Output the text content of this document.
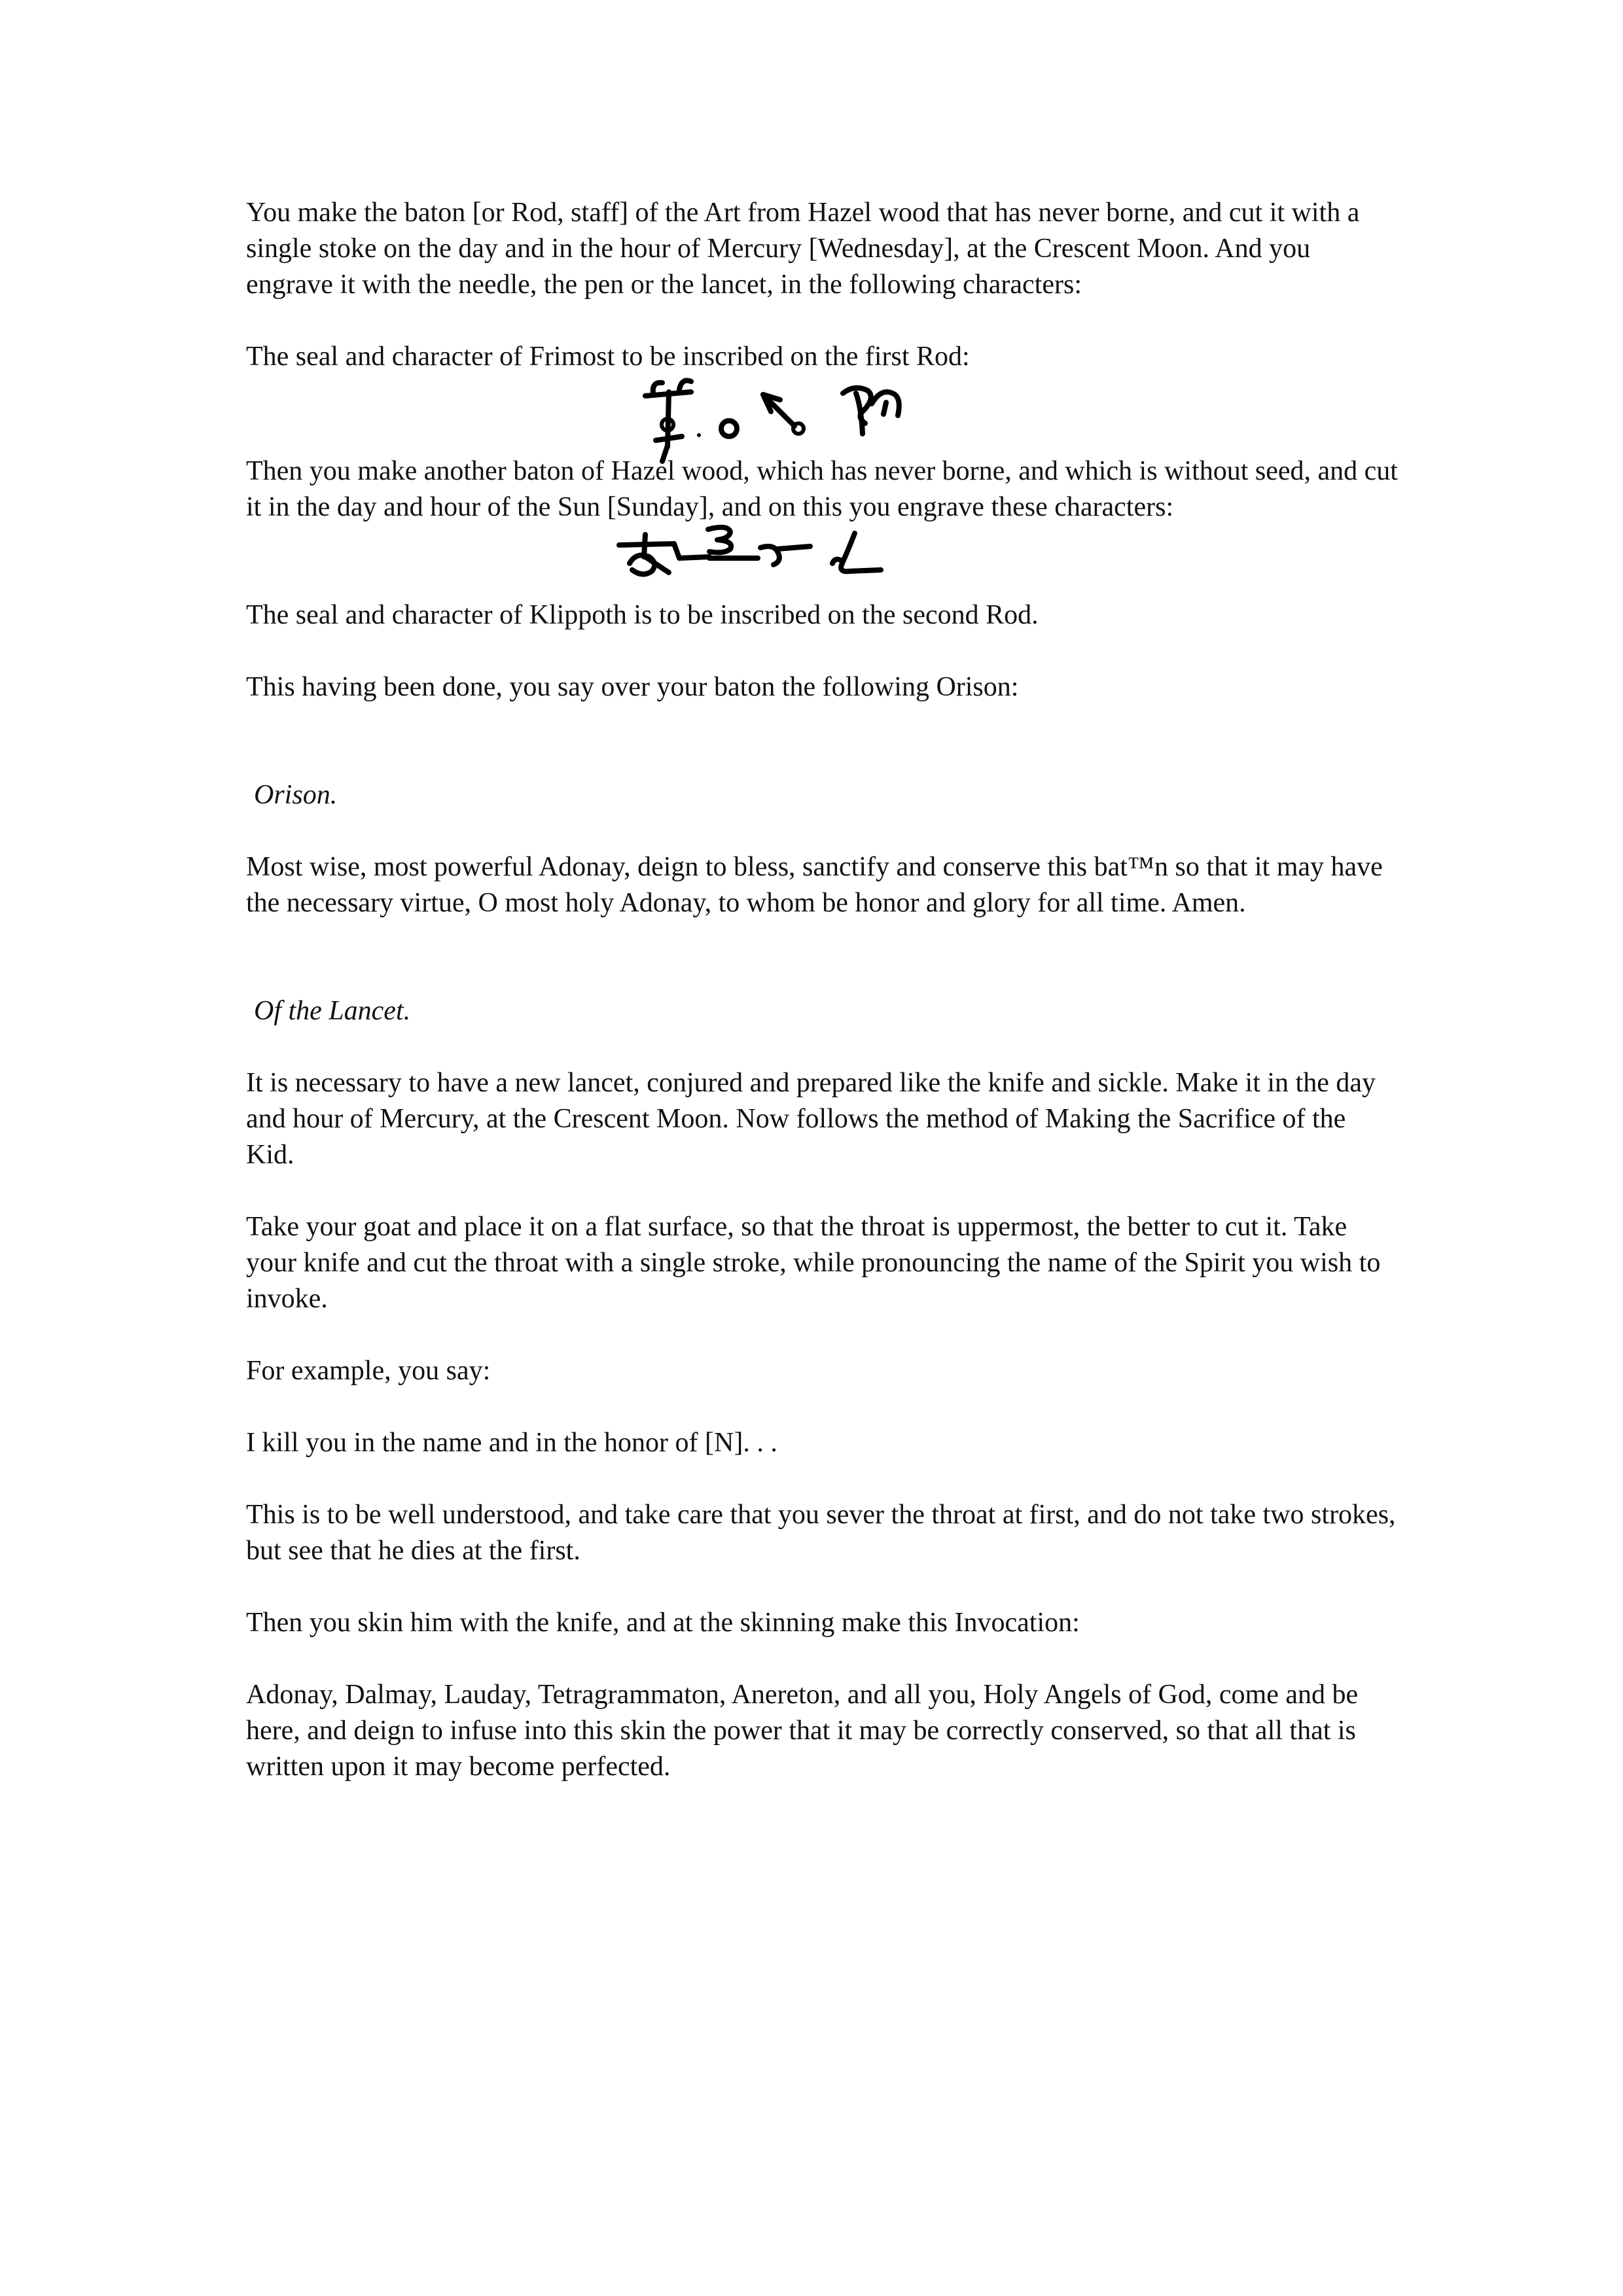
You make the baton [or Rod, staff] of the Art from Hazel wood that has never borne, and cut it with a single stoke on the day and in the hour of Mercury [Wednesday], at the Crescent Moon. And you engrave it with the needle, the pen or the lancet, in the following characters:

The seal and character of Frimost to be inscribed on the first Rod:

Then you make another baton of Hazel wood, which has never borne, and which is without seed, and cut it in the day and hour of the Sun [Sunday], and on this you engrave these characters:

The seal and character of Klippoth is to be inscribed on the second Rod.

This having been done, you say over your baton the following Orison:

Orison.

Most wise, most powerful Adonay, deign to bless, sanctify and conserve this bat™n so that it may have the necessary virtue, O most holy Adonay, to whom be honor and glory for all time. Amen.

Of the Lancet.

It is necessary to have a new lancet, conjured and prepared like the knife and sickle. Make it in the day and hour of Mercury, at the Crescent Moon. Now follows the method of Making the Sacrifice of the Kid.

Take your goat and place it on a flat surface, so that the throat is uppermost, the better to cut it. Take your knife and cut the throat with a single stroke, while pronouncing the name of the Spirit you wish to invoke.

For example, you say:

I kill you in the name and in the honor of [N]. . .

This is to be well understood, and take care that you sever the throat at first, and do not take two strokes, but see that he dies at the first.

Then you skin him with the knife, and at the skinning make this Invocation:

Adonay, Dalmay, Lauday, Tetragrammaton, Anereton, and all you, Holy Angels of God, come and be here, and deign to infuse into this skin the power that it may be correctly conserved, so that all that is written upon it may become perfected.
